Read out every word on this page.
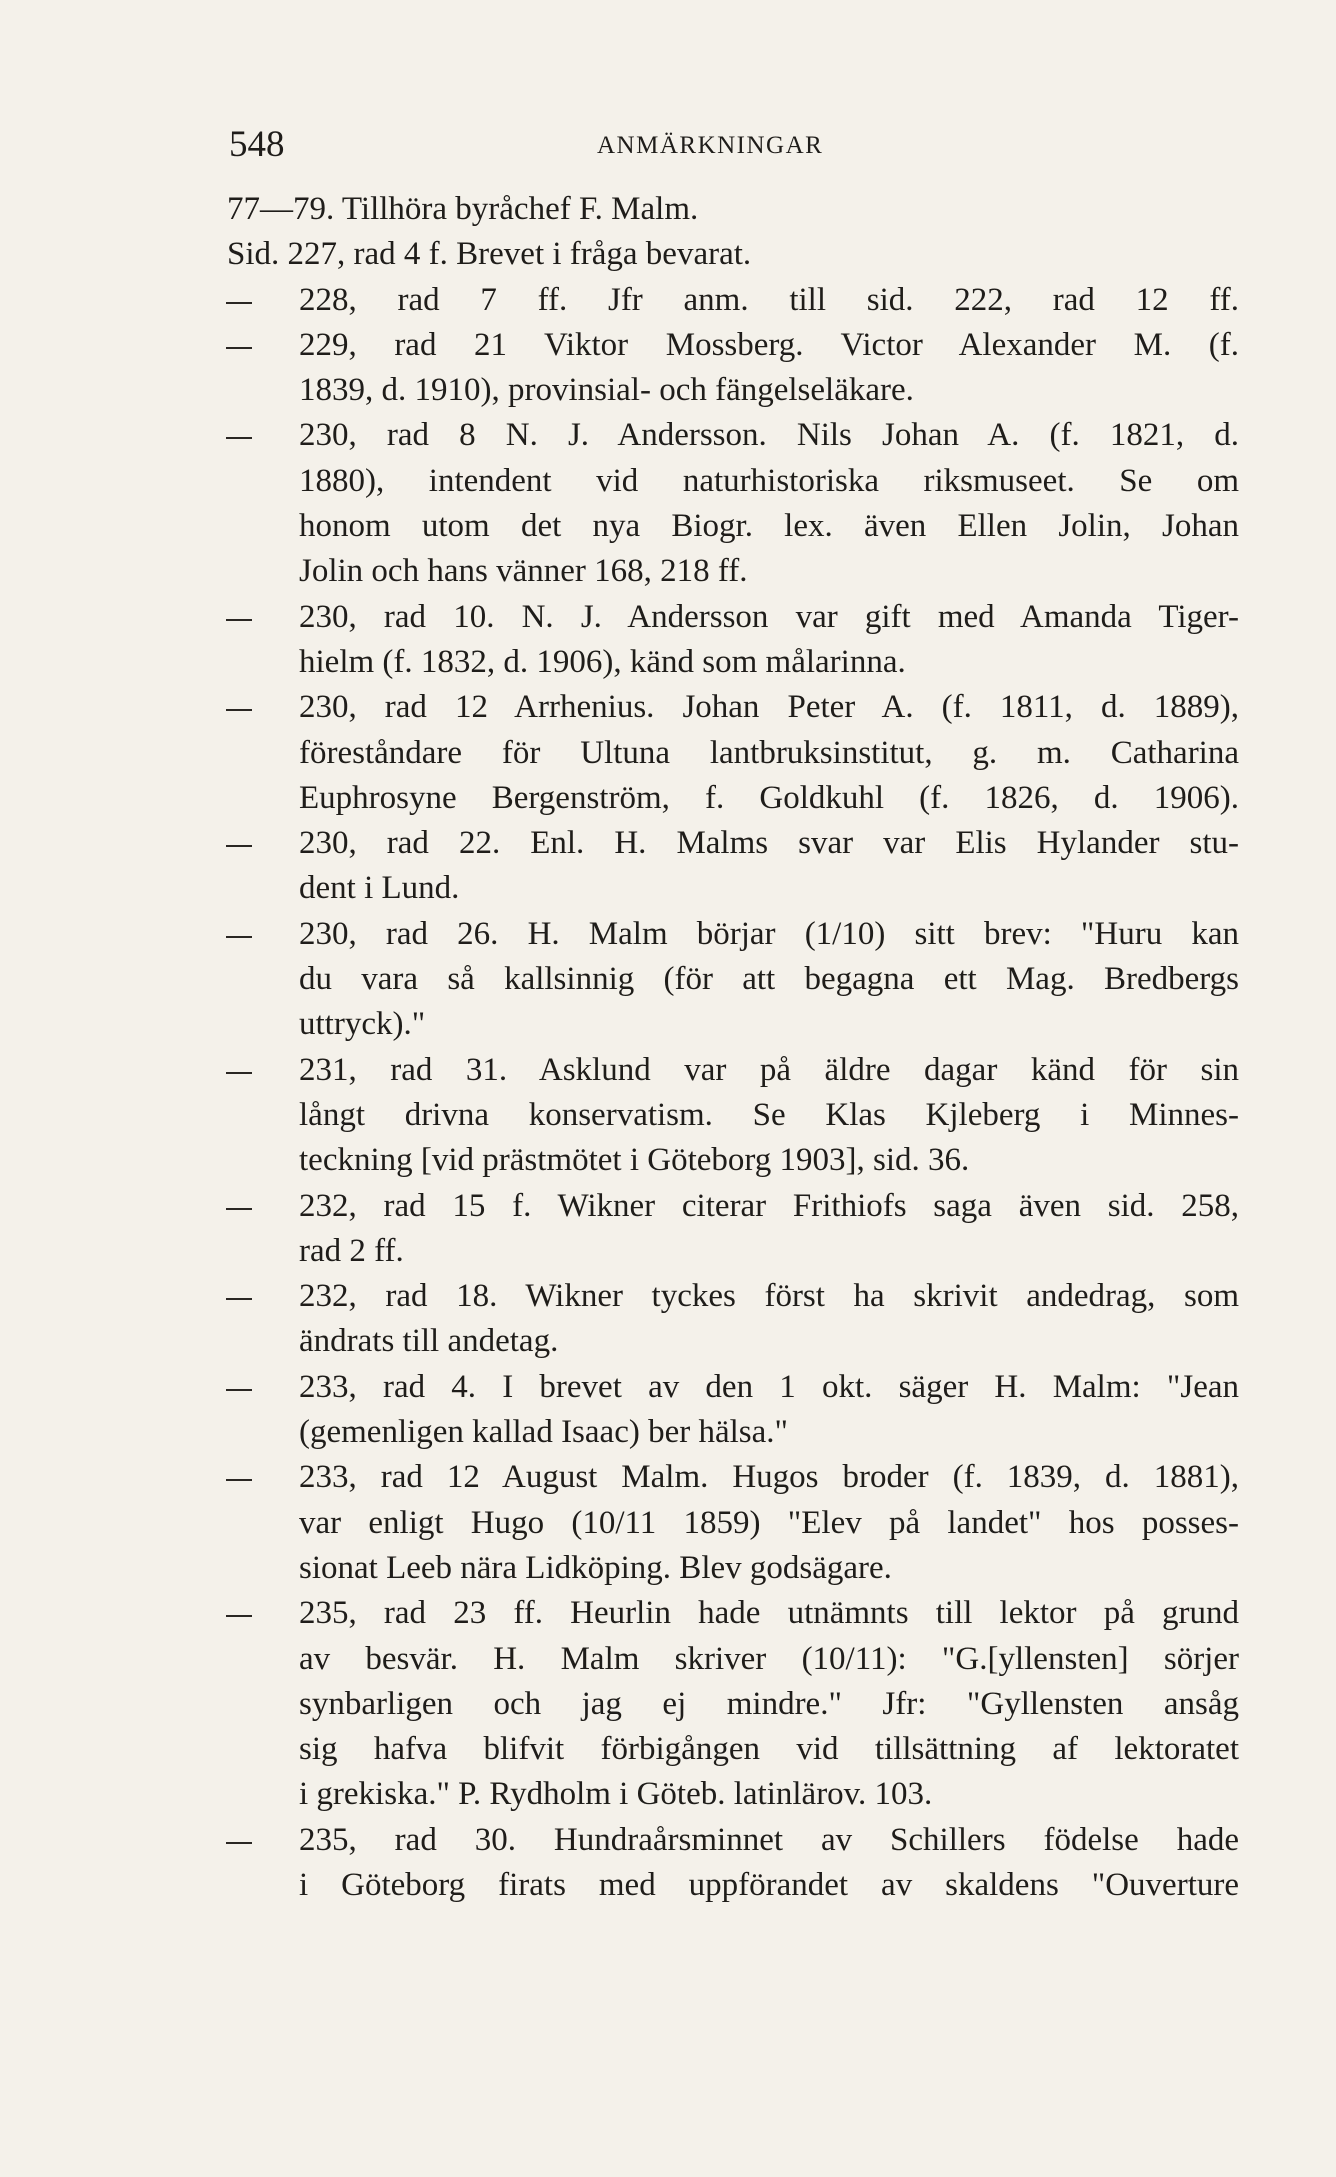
548	ANMÄRKNINGAR
77—79. Tillhöra byråchef F. Malm.
Sid. 227, rad 4 f. Brevet i fråga bevarat.
228, rad 7 ff. Jfr anm. till sid. 222, rad 12 ff.
229, rad 21 Viktor Mossberg. Victor Alexander M. (f.
1839, d. 1910), provinsial- och fängelseläkare.
230, rad 8 N. J. Andersson. Nils Johan A. (f. 1821, d.
1880), intendent vid naturhistoriska riksmuseet. Se om
honom utom det nya Biogr. lex. även Ellen Jolin, Johan
Jolin och hans vänner 168, 218 ff.
230, rad 10. N. J. Andersson var gift med Amanda Tiger-
hielm (f. 1832, d. 1906), känd som målarinna.
230, rad 12 Arrhenius. Johan Peter A. (f. 1811, d. 1889),
föreståndare för Ultuna lantbruksinstitut, g. m. Catharina
Euphrosyne Bergenström, f. Goldkuhl (f. 1826, d. 1906).
230, rad 22. Enl. H. Malms svar var Elis Hylander stu-
dent i Lund.
230, rad 26. H. Malm börjar (1/10) sitt brev: "Huru kan
du vara så kallsinnig (för att begagna ett Mag. Bredbergs
uttryck)."
231, rad 31. Asklund var på äldre dagar känd för sin
långt drivna konservatism. Se Klas Kjleberg i Minnes-
teckning [vid prästmötet i Göteborg 1903], sid. 36.
232, rad 15 f. Wikner citerar Frithiofs saga även sid. 258,
rad 2 ff.
232, rad 18. Wikner tyckes först ha skrivit andedrag, som
ändrats till andetag.
233, rad 4. I brevet av den 1 okt. säger H. Malm: "Jean
(gemenligen kallad Isaac) ber hälsa."
233, rad 12 August Malm. Hugos broder (f. 1839, d. 1881),
var enligt Hugo (10/11 1859) "Elev på landet" hos posses-
sionat Leeb nära Lidköping. Blev godsägare.
235, rad 23 ff. Heurlin hade utnämnts till lektor på grund
av besvär. H. Malm skriver (10/11): "G.[yllensten] sörjer
synbarligen och jag ej mindre." Jfr: "Gyllensten ansåg
sig hafva blifvit förbigången vid tillsättning af lektoratet
i grekiska." P. Rydholm i Göteb. latinlärov. 103.
235, rad 30. Hundraårsminnet av Schillers födelse hade
i Göteborg firats med uppförandet av skaldens "Ouverture
